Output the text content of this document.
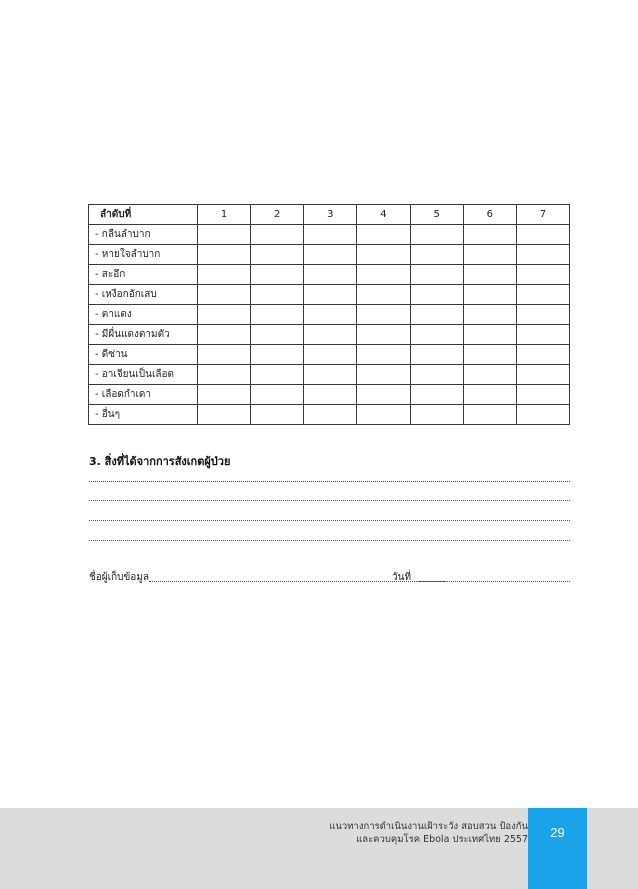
ลำดับที่	1	2	3	4	5	6	7
- กลืนลำบาก							
- หายใจลำบาก							
- สะอึก							
- เหงือกอักเสบ							
- ตาแดง							
- มีผื่นแดงตามตัว							
- ดีซ่าน							
- อาเจียนเป็นเลือด							
- เลือดกำเดา							
- อื่นๆ							
3. สิ่งที่ได้จากการสังเกตผู้ป่วย
ชื่อผู้เก็บข้อมูล	วันที่
แนวทางการดำเนินงานเฝ้าระวัง สอบสวน ป้องกัน
และควบคุมโรค Ebola ประเทศไทย 2557	29
